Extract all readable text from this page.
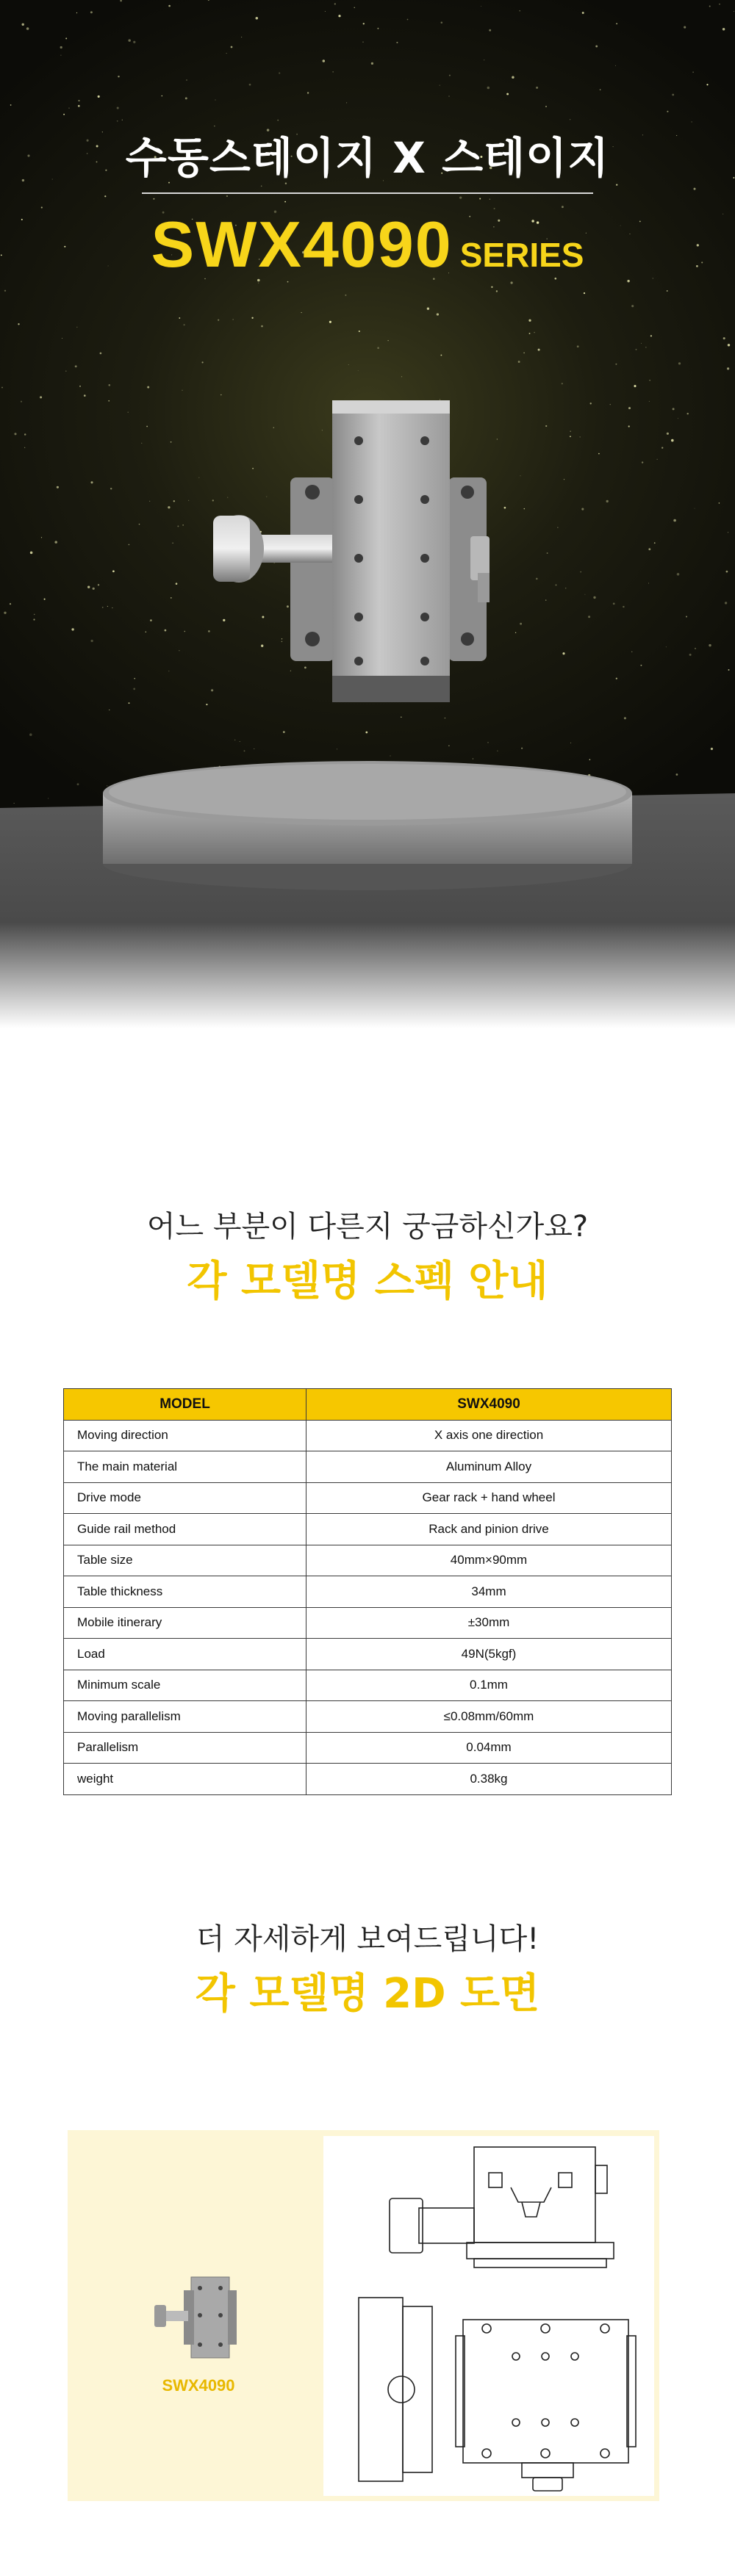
수동스테이지 X 스테이지
SWX4090 SERIES
어느 부분이 다른지 궁금하신가요?
각 모델명 스펙 안내
MODEL	SWX4090
Moving direction	X axis one direction
The main material	Aluminum Alloy
Drive mode	Gear rack + hand wheel
Guide rail method	Rack and pinion drive
Table size	40mm×90mm
Table thickness	34mm
Mobile itinerary	±30mm
Load	49N(5kgf)
Minimum scale	0.1mm
Moving parallelism	≤0.08mm/60mm
Parallelism	0.04mm
weight	0.38kg
더 자세하게 보여드립니다!
각 모델명 2D 도면
SWX4090
